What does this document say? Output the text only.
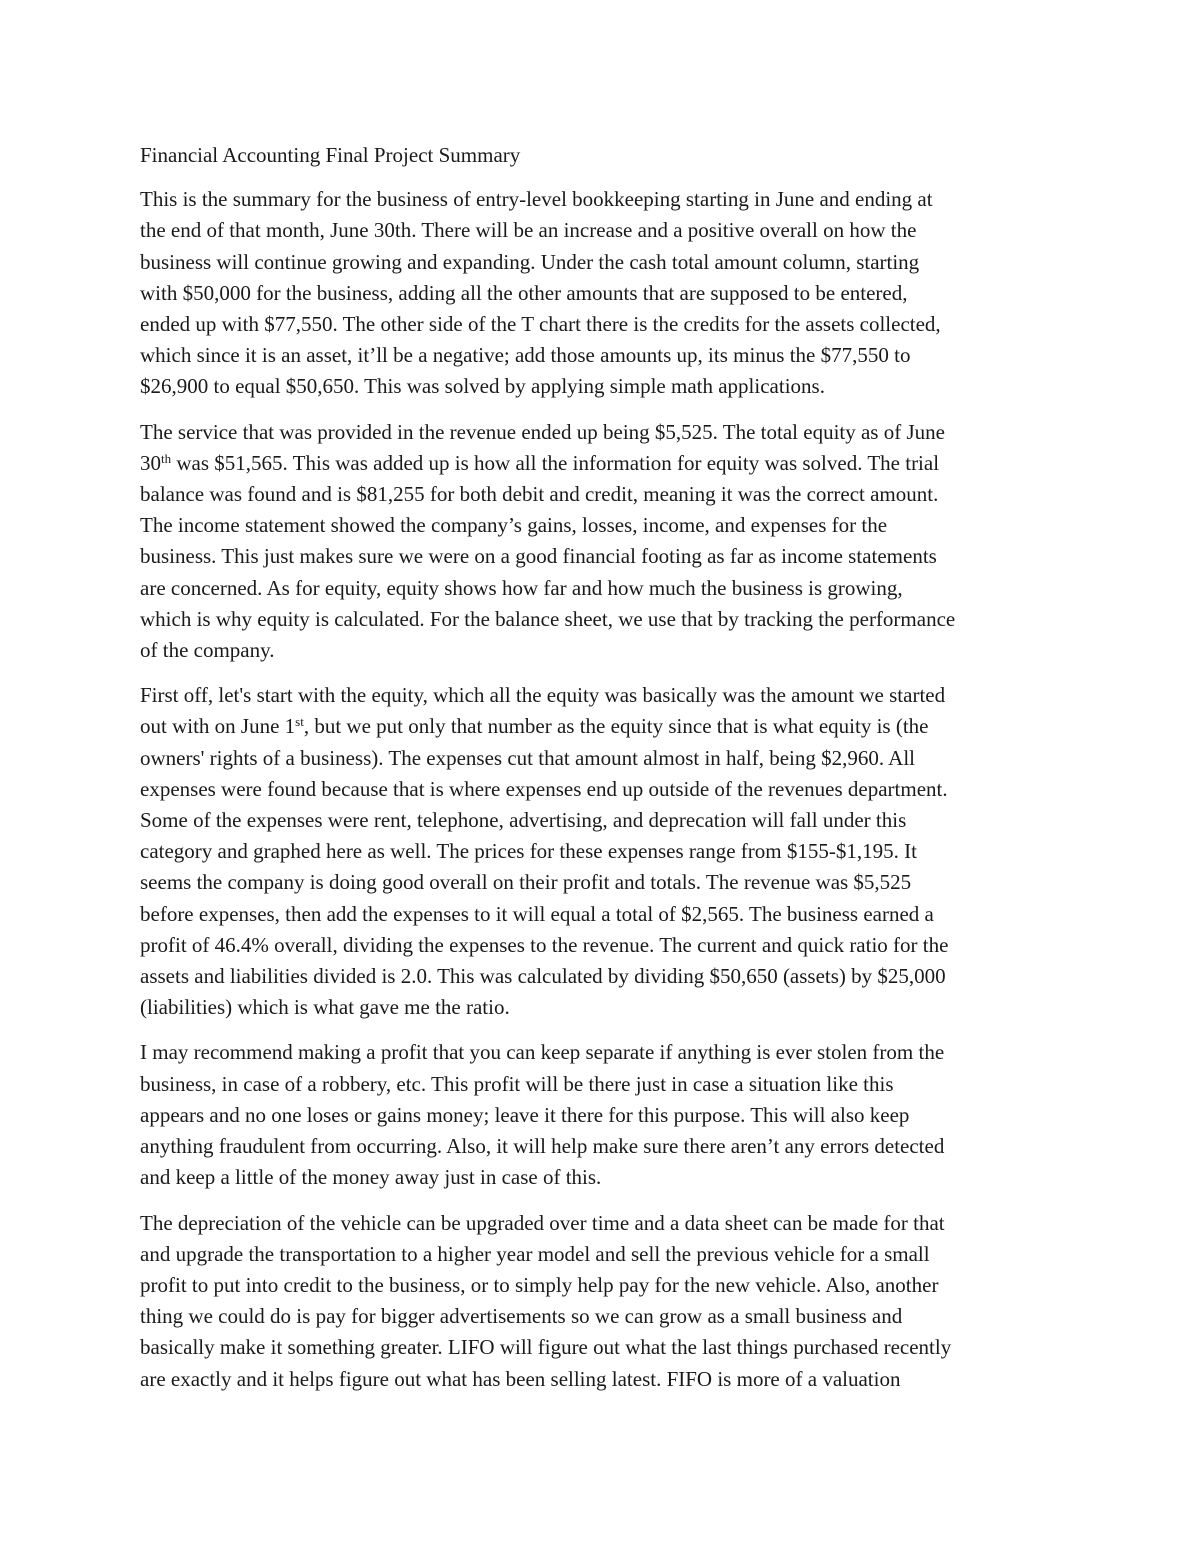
Financial Accounting Final Project Summary
This is the summary for the business of entry-level bookkeeping starting in June and ending at
the end of that month, June 30th. There will be an increase and a positive overall on how the
business will continue growing and expanding. Under the cash total amount column, starting
with $50,000 for the business, adding all the other amounts that are supposed to be entered,
ended up with $77,550. The other side of the T chart there is the credits for the assets collected,
which since it is an asset, it’ll be a negative; add those amounts up, its minus the $77,550 to
$26,900 to equal $50,650. This was solved by applying simple math applications.
The service that was provided in the revenue ended up being $5,525. The total equity as of June
30th was $51,565. This was added up is how all the information for equity was solved. The trial
balance was found and is $81,255 for both debit and credit, meaning it was the correct amount.
The income statement showed the company’s gains, losses, income, and expenses for the
business. This just makes sure we were on a good financial footing as far as income statements
are concerned. As for equity, equity shows how far and how much the business is growing,
which is why equity is calculated. For the balance sheet, we use that by tracking the performance
of the company.
First off, let's start with the equity, which all the equity was basically was the amount we started
out with on June 1st, but we put only that number as the equity since that is what equity is (the
owners' rights of a business). The expenses cut that amount almost in half, being $2,960. All
expenses were found because that is where expenses end up outside of the revenues department.
Some of the expenses were rent, telephone, advertising, and deprecation will fall under this
category and graphed here as well. The prices for these expenses range from $155-$1,195. It
seems the company is doing good overall on their profit and totals. The revenue was $5,525
before expenses, then add the expenses to it will equal a total of $2,565. The business earned a
profit of 46.4% overall, dividing the expenses to the revenue. The current and quick ratio for the
assets and liabilities divided is 2.0. This was calculated by dividing $50,650 (assets) by $25,000
(liabilities) which is what gave me the ratio.
I may recommend making a profit that you can keep separate if anything is ever stolen from the
business, in case of a robbery, etc. This profit will be there just in case a situation like this
appears and no one loses or gains money; leave it there for this purpose. This will also keep
anything fraudulent from occurring. Also, it will help make sure there aren’t any errors detected
and keep a little of the money away just in case of this.
The depreciation of the vehicle can be upgraded over time and a data sheet can be made for that
and upgrade the transportation to a higher year model and sell the previous vehicle for a small
profit to put into credit to the business, or to simply help pay for the new vehicle. Also, another
thing we could do is pay for bigger advertisements so we can grow as a small business and
basically make it something greater. LIFO will figure out what the last things purchased recently
are exactly and it helps figure out what has been selling latest. FIFO is more of a valuation
